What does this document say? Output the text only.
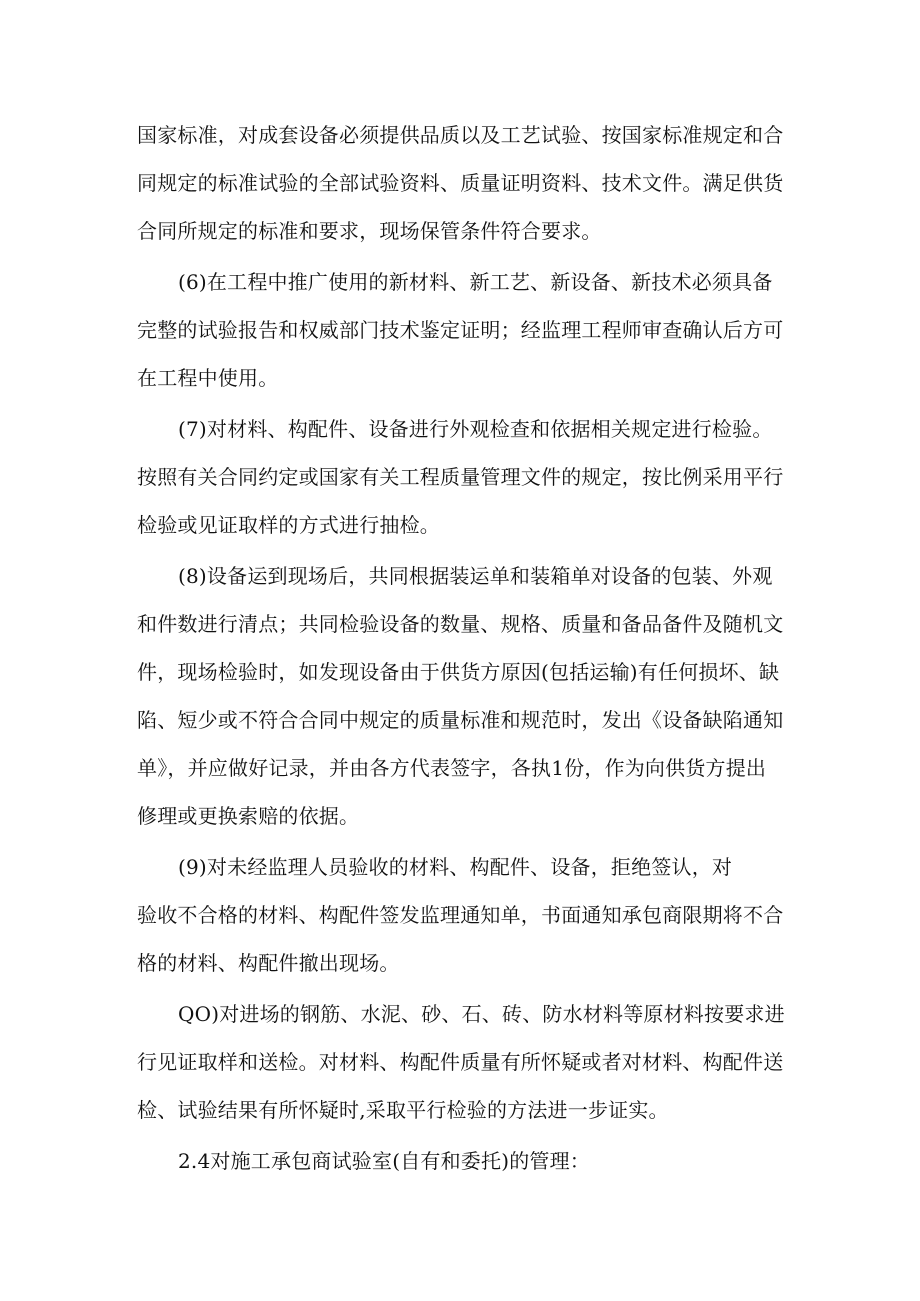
国家标准，对成套设备必须提供品质以及工艺试验、按国家标准规定和合
同规定的标准试验的全部试验资料、质量证明资料、技术文件。满足供货
合同所规定的标准和要求，现场保管条件符合要求。
(6)在工程中推广使用的新材料、新工艺、新设备、新技术必须具备
完整的试验报告和权威部门技术鉴定证明；经监理工程师审查确认后方可
在工程中使用。
(7)对材料、构配件、设备进行外观检查和依据相关规定进行检验。
按照有关合同约定或国家有关工程质量管理文件的规定，按比例采用平行
检验或见证取样的方式进行抽检。
(8)设备运到现场后，共同根据装运单和装箱单对设备的包装、外观
和件数进行清点；共同检验设备的数量、规格、质量和备品备件及随机文
件，现场检验时，如发现设备由于供货方原因(包括运输)有任何损坏、缺
陷、短少或不符合合同中规定的质量标准和规范时，发出《设备缺陷通知
单》，并应做好记录，并由各方代表签字，各执1份，作为向供货方提出
修理或更换索赔的依据。
(9)对未经监理人员验收的材料、构配件、设备，拒绝签认，对
验收不合格的材料、构配件签发监理通知单，书面通知承包商限期将不合
格的材料、构配件撤出现场。
QO)对进场的钢筋、水泥、砂、石、砖、防水材料等原材料按要求进
行见证取样和送检。对材料、构配件质量有所怀疑或者对材料、构配件送
检、试验结果有所怀疑时,采取平行检验的方法进一步证实。
2.4对施工承包商试验室(自有和委托)的管理：
